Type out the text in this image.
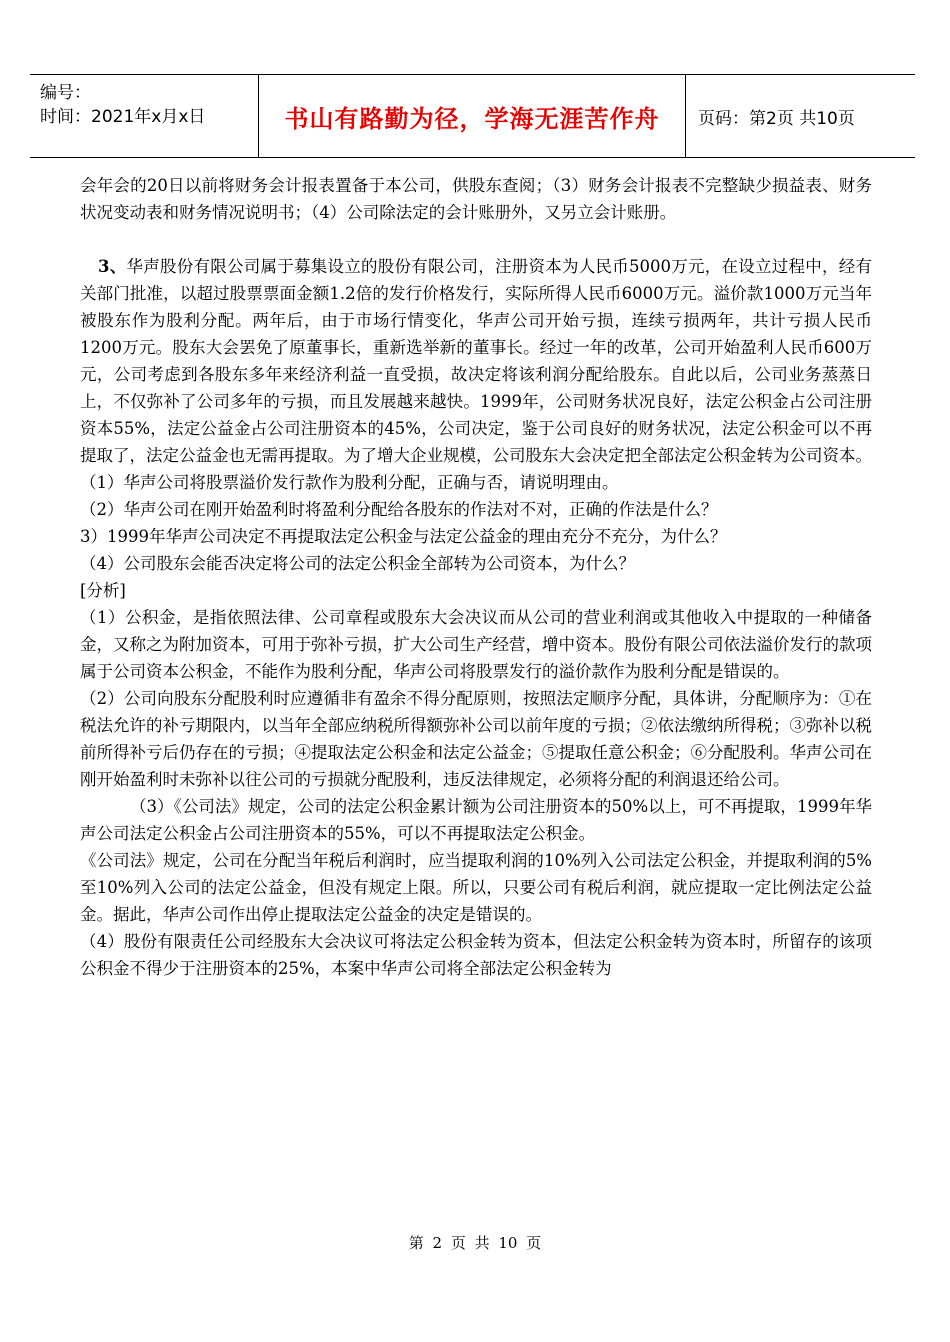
编号：
时间：2021年x月x日	书山有路勤为径，学海无涯苦作舟	页码：第2页 共10页

会年会的20日以前将财务会计报表置备于本公司，供股东查阅；（3）财务会计报表不完整缺少损益表、财务状况变动表和财务情况说明书；（4）公司除法定的会计账册外，又另立会计账册。

3、华声股份有限公司属于募集设立的股份有限公司，注册资本为人民币5000万元，在设立过程中，经有关部门批准，以超过股票票面金额1.2倍的发行价格发行，实际所得人民币6000万元。溢价款1000万元当年被股东作为股利分配。两年后，由于市场行情变化，华声公司开始亏损，连续亏损两年，共计亏损人民币1200万元。股东大会罢免了原董事长，重新选举新的董事长。经过一年的改革，公司开始盈利人民币600万元，公司考虑到各股东多年来经济利益一直受损，故决定将该利润分配给股东。自此以后，公司业务蒸蒸日上，不仅弥补了公司多年的亏损，而且发展越来越快。1999年，公司财务状况良好，法定公积金占公司注册资本55%，法定公益金占公司注册资本的45%，公司决定，鉴于公司良好的财务状况，法定公积金可以不再提取了，法定公益金也无需再提取。为了增大企业规模，公司股东大会决定把全部法定公积金转为公司资本。

（1）华声公司将股票溢价发行款作为股利分配，正确与否，请说明理由。

（2）华声公司在刚开始盈利时将盈利分配给各股东的作法对不对，正确的作法是什么？

3）1999年华声公司决定不再提取法定公积金与法定公益金的理由充分不充分，为什么？

（4）公司股东会能否决定将公司的法定公积金全部转为公司资本，为什么？

[分析]

（1）公积金，是指依照法律、公司章程或股东大会决议而从公司的营业利润或其他收入中提取的一种储备金，又称之为附加资本，可用于弥补亏损，扩大公司生产经营，增中资本。股份有限公司依法溢价发行的款项属于公司资本公积金，不能作为股利分配，华声公司将股票发行的溢价款作为股利分配是错误的。

（2）公司向股东分配股利时应遵循非有盈余不得分配原则，按照法定顺序分配，具体讲，分配顺序为：①在税法允许的补亏期限内，以当年全部应纳税所得额弥补公司以前年度的亏损；②依法缴纳所得税；③弥补以税前所得补亏后仍存在的亏损；④提取法定公积金和法定公益金；⑤提取任意公积金；⑥分配股利。华声公司在刚开始盈利时未弥补以往公司的亏损就分配股利，违反法律规定，必须将分配的利润退还给公司。

（3）《公司法》规定，公司的法定公积金累计额为公司注册资本的50%以上，可不再提取，1999年华声公司法定公积金占公司注册资本的55%，可以不再提取法定公积金。

《公司法》规定，公司在分配当年税后利润时，应当提取利润的10%列入公司法定公积金，并提取利润的5%至10%列入公司的法定公益金，但没有规定上限。所以，只要公司有税后利润，就应提取一定比例法定公益金。据此，华声公司作出停止提取法定公益金的决定是错误的。

（4）股份有限责任公司经股东大会决议可将法定公积金转为资本，但法定公积金转为资本时，所留存的该项公积金不得少于注册资本的25%，本案中华声公司将全部法定公积金转为

第 2 页 共 10 页
